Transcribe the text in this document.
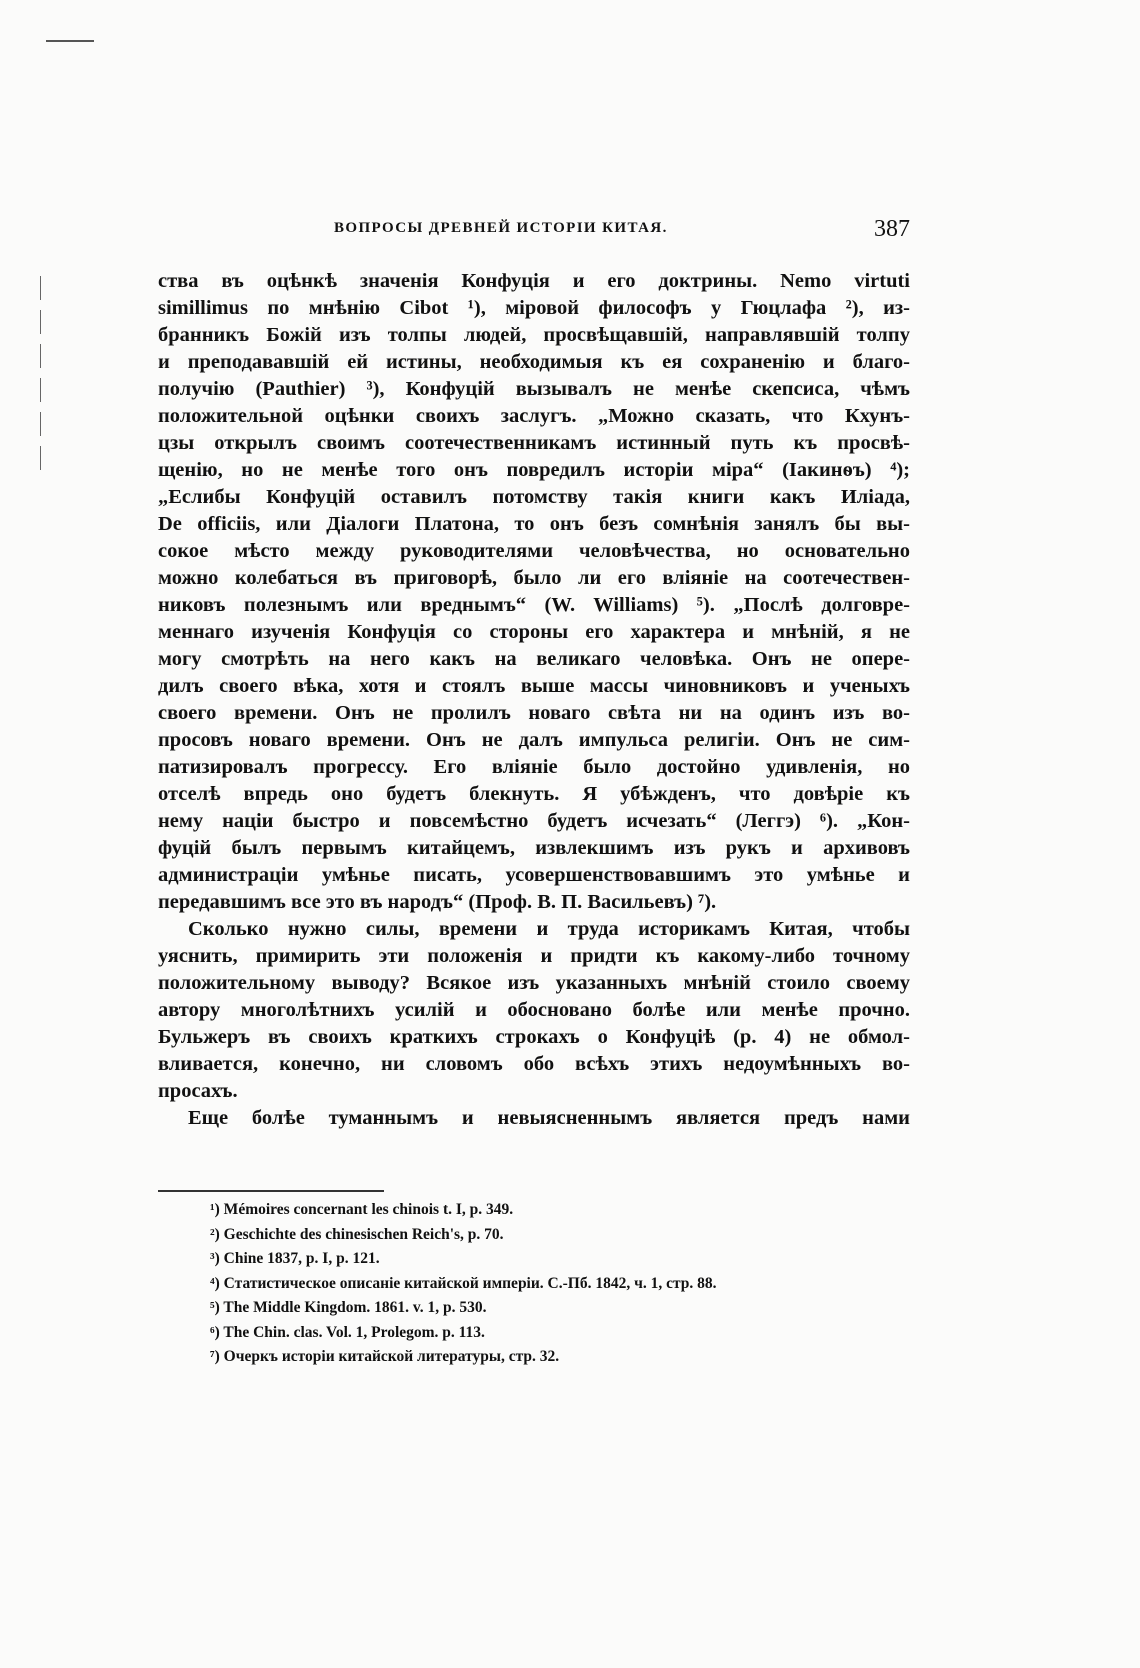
ВОПРОСЫ ДРЕВНЕЙ ИСТОРІИ КИТАЯ.	387
ства въ оцѣнкѣ значенія Конфуція и его доктрины. Nemo virtuti
simillimus по мнѣнію Cibot ¹), міровой философъ у Гюцлафа ²), из-
бранникъ Божій изъ толпы людей, просвѣщавшій, направлявшій толпу
и преподававшій ей истины, необходимыя къ ея сохраненію и благо-
получію (Pauthier) ³), Конфуцій вызывалъ не менѣе скепсиса, чѣмъ
положительной оцѣнки своихъ заслугъ. „Можно сказать, что Кхунъ-
цзы открылъ своимъ соотечественникамъ истинный путь къ просвѣ-
щенію, но не менѣе того онъ повредилъ исторіи міра“ (Іакинѳъ) ⁴);
„Еслибы Конфуцій оставилъ потомству такія книги какъ Иліада,
De officiis, или Діалоги Платона, то онъ безъ сомнѣнія занялъ бы вы-
сокое мѣсто между руководителями человѣчества, но основательно
можно колебаться въ приговорѣ, было ли его вліяніе на соотечествен-
никовъ полезнымъ или вреднымъ“ (W. Williams) ⁵). „Послѣ долговре-
меннаго изученія Конфуція со стороны его характера и мнѣній, я не
могу смотрѣть на него какъ на великаго человѣка. Онъ не опере-
дилъ своего вѣка, хотя и стоялъ выше массы чиновниковъ и ученыхъ
своего времени. Онъ не пролилъ новаго свѣта ни на одинъ изъ во-
просовъ новаго времени. Онъ не далъ импульса религіи. Онъ не сим-
патизировалъ прогрессу. Его вліяніе было достойно удивленія, но
отселѣ впредь оно будетъ блекнуть. Я убѣжденъ, что довѣріе къ
нему націи быстро и повсемѣстно будетъ исчезать“ (Леггэ) ⁶). „Кон-
фуцій былъ первымъ китайцемъ, извлекшимъ изъ рукъ и архивовъ
администраціи умѣнье писать, усовершенствовавшимъ это умѣнье и
передавшимъ все это въ народъ“ (Проф. В. П. Васильевъ) ⁷).
Сколько нужно силы, времени и труда историкамъ Китая, чтобы
уяснить, примирить эти положенія и придти къ какому-либо точному
положительному выводу? Всякое изъ указанныхъ мнѣній стоило своему
автору многолѣтнихъ усилій и обосновано болѣе или менѣе прочно.
Бульжеръ въ своихъ краткихъ строкахъ о Конфуціѣ (р. 4) не обмол-
вливается, конечно, ни словомъ обо всѣхъ этихъ недоумѣнныхъ во-
просахъ.
Еще болѣе туманнымъ и невыясненнымъ является предъ нами
¹) Mémoires concernant les chinois t. I, p. 349.
²) Geschichte des chinesischen Reich's, p. 70.
³) Chine 1837, p. I, p. 121.
⁴) Статистическое описаніе китайской имперіи. С.-Пб. 1842, ч. 1, стр. 88.
⁵) The Middle Kingdom. 1861. v. 1, p. 530.
⁶) The Chin. clas. Vol. 1, Prolegom. p. 113.
⁷) Очеркъ исторіи китайской литературы, стр. 32.
